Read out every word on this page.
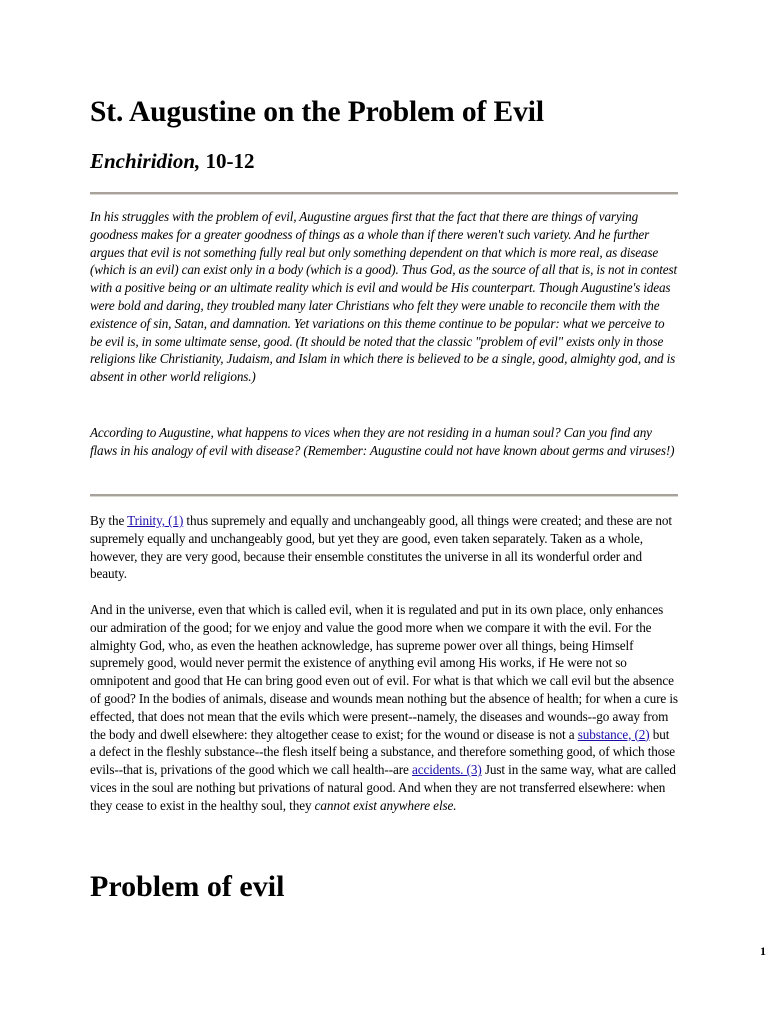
St. Augustine on the Problem of Evil
Enchiridion, 10-12

In his struggles with the problem of evil, Augustine argues first that the fact that there are things of varying goodness makes for a greater goodness of things as a whole than if there weren't such variety. And he further argues that evil is not something fully real but only something dependent on that which is more real, as disease (which is an evil) can exist only in a body (which is a good). Thus God, as the source of all that is, is not in contest with a positive being or an ultimate reality which is evil and would be His counterpart. Though Augustine's ideas were bold and daring, they troubled many later Christians who felt they were unable to reconcile them with the existence of sin, Satan, and damnation. Yet variations on this theme continue to be popular: what we perceive to be evil is, in some ultimate sense, good. (It should be noted that the classic "problem of evil" exists only in those religions like Christianity, Judaism, and Islam in which there is believed to be a single, good, almighty god, and is absent in other world religions.)

According to Augustine, what happens to vices when they are not residing in a human soul? Can you find any flaws in his analogy of evil with disease? (Remember: Augustine could not have known about germs and viruses!)

By the Trinity, (1) thus supremely and equally and unchangeably good, all things were created; and these are not supremely equally and unchangeably good, but yet they are good, even taken separately. Taken as a whole, however, they are very good, because their ensemble constitutes the universe in all its wonderful order and beauty.

And in the universe, even that which is called evil, when it is regulated and put in its own place, only enhances our admiration of the good; for we enjoy and value the good more when we compare it with the evil. For the almighty God, who, as even the heathen acknowledge, has supreme power over all things, being Himself supremely good, would never permit the existence of anything evil among His works, if He were not so omnipotent and good that He can bring good even out of evil. For what is that which we call evil but the absence of good? In the bodies of animals, disease and wounds mean nothing but the absence of health; for when a cure is effected, that does not mean that the evils which were present--namely, the diseases and wounds--go away from the body and dwell elsewhere: they altogether cease to exist; for the wound or disease is not a substance, (2) but a defect in the fleshly substance--the flesh itself being a substance, and therefore something good, of which those evils--that is, privations of the good which we call health--are accidents. (3) Just in the same way, what are called vices in the soul are nothing but privations of natural good. And when they are not transferred elsewhere: when they cease to exist in the healthy soul, they cannot exist anywhere else.

Problem of evil
1
